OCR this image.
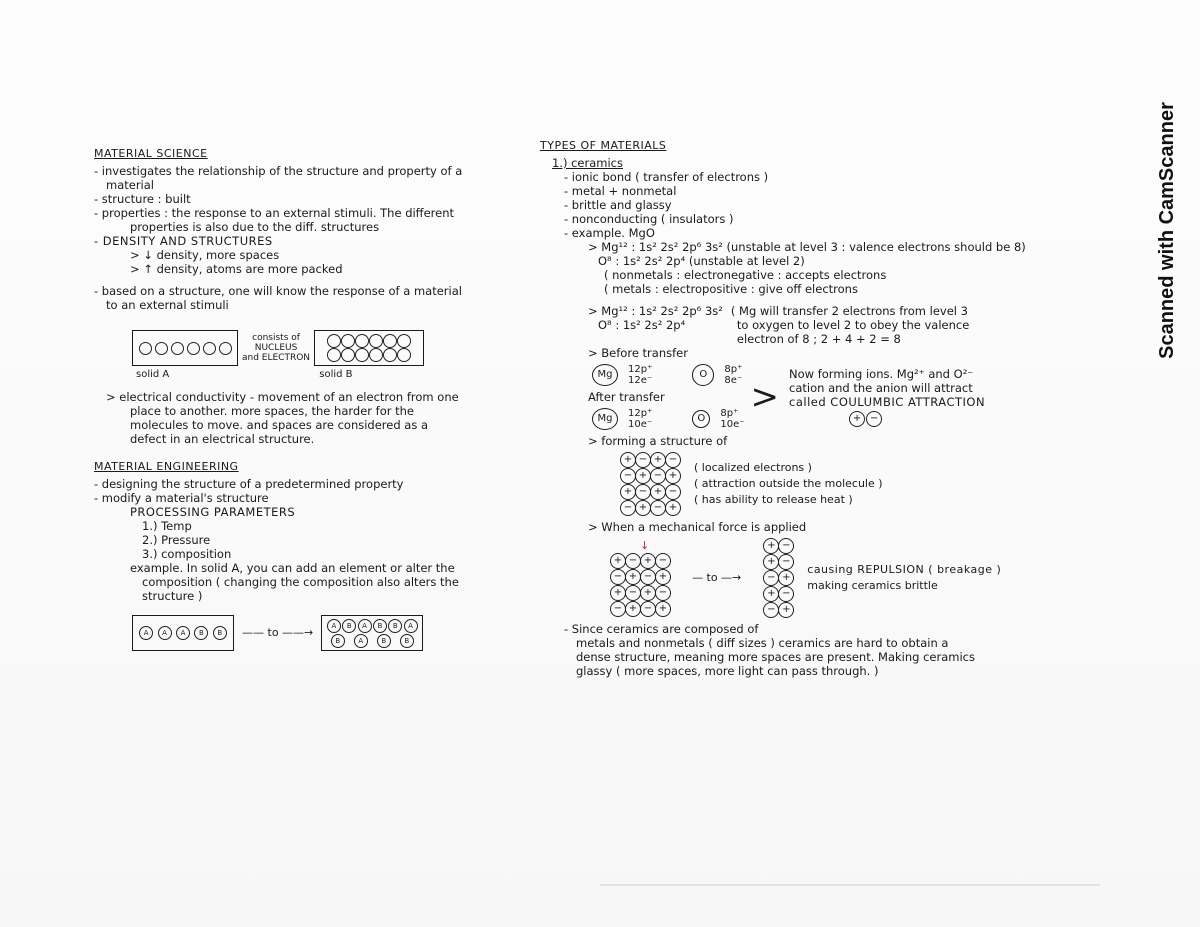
MATERIAL SCIENCE
- investigates the relationship of the structure and property of a
material
- structure : built
- properties : the response to an external stimuli. The different
properties is also due to the diff. structures
- DENSITY AND STRUCTURES
> ↓ density, more spaces
> ↑ density, atoms are more packed
- based on a structure, one will know the response of a material
to an external stimuli
consists of
NUCLEUS
and ELECTRON
solid A	solid B
> electrical conductivity - movement of an electron from one
place to another. more spaces, the harder for the
molecules to move. and spaces are considered as a
defect in an electrical structure.
MATERIAL ENGINEERING
- designing the structure of a predetermined property
- modify a material's structure
PROCESSING PARAMETERS
1.) Temp
2.) Pressure
3.) composition
example. In solid A, you can add an element or alter the
composition ( changing the composition also alters the
structure )
A	A	A	B	B	—— to ——→
A	B	A	B	B	A
B	A	B	B
TYPES OF MATERIALS
1.) ceramics
- ionic bond ( transfer of electrons )
- metal + nonmetal
- brittle and glassy
- nonconducting ( insulators )
- example. MgO
> Mg¹² : 1s² 2s² 2p⁶ 3s² (unstable at level 3 : valence electrons should be 8)
O⁸ : 1s² 2s² 2p⁴ (unstable at level 2)
( nonmetals : electronegative : accepts electrons
( metals : electropositive : give off electrons
> Mg¹² : 1s² 2s² 2p⁶ 3s²
O⁸ : 1s² 2s² 2p⁴
( Mg will transfer 2 electrons from level 3
to oxygen to level 2 to obey the valence
electron of 8 ; 2 + 4 + 2 = 8
> Before transfer
Mg	12p⁺
12e⁻
O	8p⁺
8e⁻
After transfer
Mg	12p⁺
10e⁻
O	8p⁺
10e⁻
>
Now forming ions. Mg²⁺ and O²⁻
cation and the anion will attract
called COULUMBIC ATTRACTION
+ −
> forming a structure of
+ − + −
− + − +
+ − + −
− + − +
( localized electrons )
( attraction outside the molecule )
( has ability to release heat )
> When a mechanical force is applied
↓
+ − + −
− + − +
+ − + −
− + − +
— to —→
+ −
+ −
− +
+ −
− +
causing REPULSION ( breakage )
making ceramics brittle
- Since ceramics are composed of
metals and nonmetals ( diff sizes ) ceramics are hard to obtain a
dense structure, meaning more spaces are present. Making ceramics
glassy ( more spaces, more light can pass through. )
Scanned with CamScanner
